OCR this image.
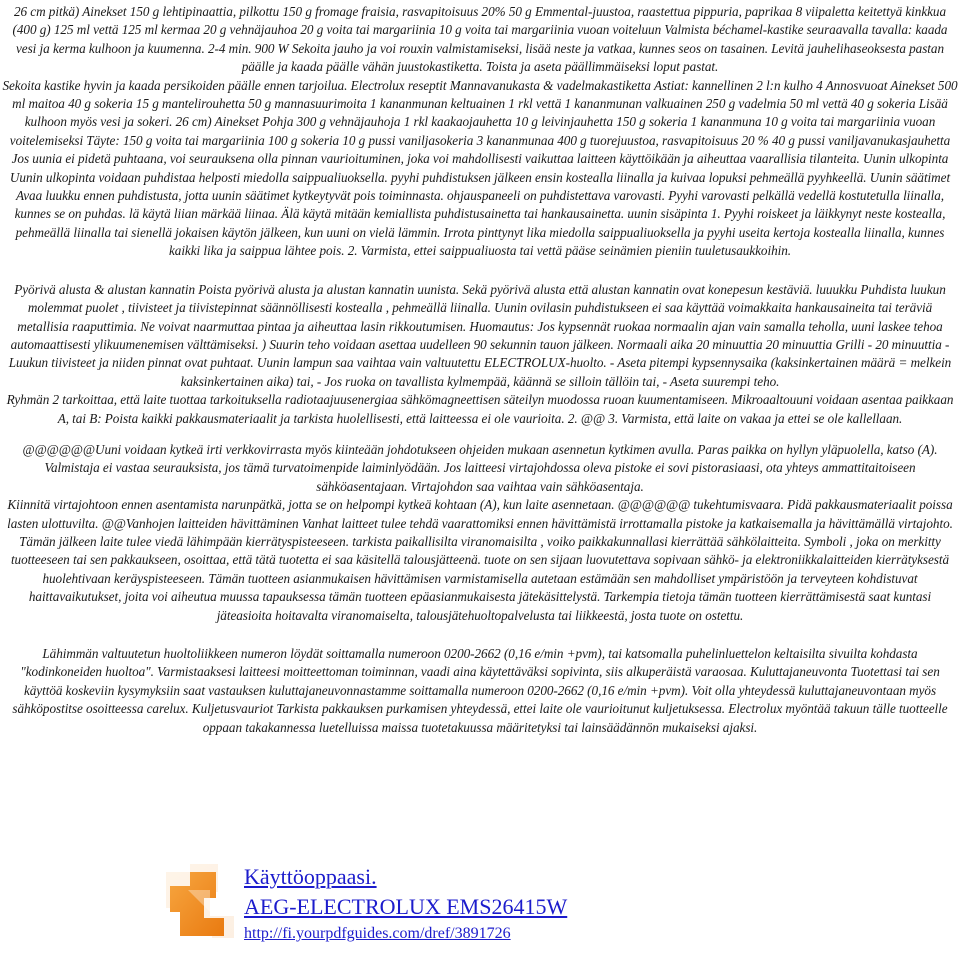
26 cm pitkä) Ainekset 150 g lehtipinaattia, pilkottu 150 g fromage fraisia, rasvapitoisuus 20% 50 g Emmental-juustoa, raastettua pippuria, paprikaa 8 viipaletta keitettyä kinkkua (400 g) 125 ml vettä 125 ml kermaa 20 g vehnäjauhoa 20 g voita tai margariinia 10 g voita tai margariinia vuoan voiteluun Valmista béchamel-kastike seuraavalla tavalla: kaada vesi ja kerma kulhoon ja kuumenna. 2-4 min. 900 W Sekoita jauho ja voi rouxin valmistamiseksi, lisää neste ja vatkaa, kunnes seos on tasainen. Levitä jauhelihaseoksesta pastan päälle ja kaada päälle vähän juustokastiketta. Toista ja aseta päällimmäiseksi loput pastat.

Sekoita kastike hyvin ja kaada persikoiden päälle ennen tarjoilua. Electrolux reseptit Mannavanukasta & vadelmakastiketta Astiat: kannellinen 2 l:n kulho 4 Annosvuoat Ainekset 500 ml maitoa 40 g sokeria 15 g mantelirouhetta 50 g mannasuurimoita 1 kananmunan keltuainen 1 rkl vettä 1 kananmunan valkuainen 250 g vadelmia 50 ml vettä 40 g sokeria Lisää kulhoon myös vesi ja sokeri. 26 cm) Ainekset Pohja 300 g vehnäjauhoja 1 rkl kaakaojauhetta 10 g leivinjauhetta 150 g sokeria 1 kananmuna 10 g voita tai margariinia vuoan voitelemiseksi Täyte: 150 g voita tai margariinia 100 g sokeria 10 g pussi vaniljasokeria 3 kananmunaa 400 g tuorejuustoa, rasvapitoisuus 20 % 40 g pussi vaniljavanukasjauhetta Jos uunia ei pidetä puhtaana, voi seurauksena olla pinnan vaurioituminen, joka voi mahdollisesti vaikuttaa laitteen käyttöikään ja aiheuttaa vaarallisia tilanteita. Uunin ulkopinta Uunin ulkopinta voidaan puhdistaa helposti miedolla saippualiuoksella. pyyhi puhdistuksen jälkeen ensin kostealla liinalla ja kuivaa lopuksi pehmeällä pyyhkeellä. Uunin säätimet Avaa luukku ennen puhdistusta, jotta uunin säätimet kytkeytyvät pois toiminnasta. ohjauspaneeli on puhdistettava varovasti. Pyyhi varovasti pelkällä vedellä kostutetulla liinalla, kunnes se on puhdas. lä käytä liian märkää liinaa. Älä käytä mitään kemiallista puhdistusainetta tai hankausainetta. uunin sisäpinta 1. Pyyhi roiskeet ja läikkynyt neste kostealla, pehmeällä liinalla tai sienellä jokaisen käytön jälkeen, kun uuni on vielä lämmin. Irrota pinttynyt lika miedolla saippualiuoksella ja pyyhi useita kertoja kostealla liinalla, kunnes kaikki lika ja saippua lähtee pois. 2. Varmista, ettei saippualiuosta tai vettä pääse seinämien pieniin tuuletusaukkoihin.

Pyörivä alusta & alustan kannatin Poista pyörivä alusta ja alustan kannatin uunista. Sekä pyörivä alusta että alustan kannatin ovat konepesun kestäviä. luuukku Puhdista luukun molemmat puolet , tiivisteet ja tiivistepinnat säännöllisesti kostealla , pehmeällä liinalla. Uunin ovilasin puhdistukseen ei saa käyttää voimakkaita hankausaineita tai teräviä metallisia raaputtimia. Ne voivat naarmuttaa pintaa ja aiheuttaa lasin rikkoutumisen. Huomautus: Jos kypsennät ruokaa normaalin ajan vain samalla teholla, uuni laskee tehoa automaattisesti ylikuumenemisen välttämiseksi. ) Suurin teho voidaan asettaa uudelleen 90 sekunnin tauon jälkeen. Normaali aika 20 minuuttia 20 minuuttia Grilli - 20 minuuttia - Luukun tiivisteet ja niiden pinnat ovat puhtaat. Uunin lampun saa vaihtaa vain valtuutettu ELECTROLUX-huolto. - Aseta pitempi kypsennysaika (kaksinkertainen määrä = melkein kaksinkertainen aika) tai, - Jos ruoka on tavallista kylmempää, käännä se silloin tällöin tai, - Aseta suurempi teho.

Ryhmän 2 tarkoittaa, että laite tuottaa tarkoituksella radiotaajuusenergiaa sähkömagneettisen säteilyn muodossa ruoan kuumentamiseen. Mikroaaltouuni voidaan asentaa paikkaan A, tai B: Poista kaikki pakkausmateriaalit ja tarkista huolellisesti, että laitteessa ei ole vaurioita. 2. @@ 3. Varmista, että laite on vakaa ja ettei se ole kallellaan.

@@@@@@Uuni voidaan kytkeä irti verkkovirrasta myös kiinteään johdotukseen ohjeiden mukaan asennetun kytkimen avulla. Paras paikka on hyllyn yläpuolella, katso (A). Valmistaja ei vastaa seurauksista, jos tämä turvatoimenpide laiminlyödään. Jos laitteesi virtajohdossa oleva pistoke ei sovi pistorasiaasi, ota yhteys ammattitaitoiseen sähköasentajaan. Virtajohdon saa vaihtaa vain sähköasentaja.

Kiinnitä virtajohtoon ennen asentamista narunpätkä, jotta se on helpompi kytkeä kohtaan (A), kun laite asennetaan. @@@@@@ tukehtumisvaara. Pidä pakkausmateriaalit poissa lasten ulottuvilta. @@Vanhojen laitteiden hävittäminen Vanhat laitteet tulee tehdä vaarattomiksi ennen hävittämistä irrottamalla pistoke ja katkaisemalla ja hävittämällä virtajohto. Tämän jälkeen laite tulee viedä lähimpään kierrätyspisteeseen. tarkista paikallisilta viranomaisilta , voiko paikkakunnallasi kierrättää sähkölaitteita. Symboli , joka on merkitty tuotteeseen tai sen pakkaukseen, osoittaa, että tätä tuotetta ei saa käsitellä talousjätteenä. tuote on sen sijaan luovutettava sopivaan sähkö- ja elektroniikkalaitteiden kierrätyksestä huolehtivaan keräyspisteeseen. Tämän tuotteen asianmukaisen hävittämisen varmistamisella autetaan estämään sen mahdolliset ympäristöön ja terveyteen kohdistuvat haittavaikutukset, joita voi aiheutua muussa tapauksessa tämän tuotteen epäasianmukaisesta jätekäsittelystä. Tarkempia tietoja tämän tuotteen kierrättämisestä saat kuntasi jäteasioita hoitavalta viranomaiselta, talousjätehuoltopalvelusta tai liikkeestä, josta tuote on ostettu.

Lähimmän valtuutetun huoltoliikkeen numeron löydät soittamalla numeroon 0200-2662 (0,16 e/min +pvm), tai katsomalla puhelinluettelon keltaisilta sivuilta kohdasta "kodinkoneiden huoltoa". Varmistaaksesi laitteesi moitteettoman toiminnan, vaadi aina käytettäväksi sopivinta, siis alkuperäistä varaosaa. Kuluttajaneuvonta Tuotettasi tai sen käyttöä koskeviin kysymyksiin saat vastauksen kuluttajaneuvonnastamme soittamalla numeroon 0200-2662 (0,16 e/min +pvm). Voit olla yhteydessä kuluttajaneuvontaan myös sähköpostitse osoitteessa carelux. Kuljetusvauriot Tarkista pakkauksen purkamisen yhteydessä, ettei laite ole vaurioitunut kuljetuksessa. Electrolux myöntää takuun tälle tuotteelle oppaan takakannessa luetelluissa maissa tuotetakuussa määritetyksi tai lainsäädännön mukaiseksi ajaksi.

Käyttöoppaasi.
AEG-ELECTROLUX EMS26415W
http://fi.yourpdfguides.com/dref/3891726
